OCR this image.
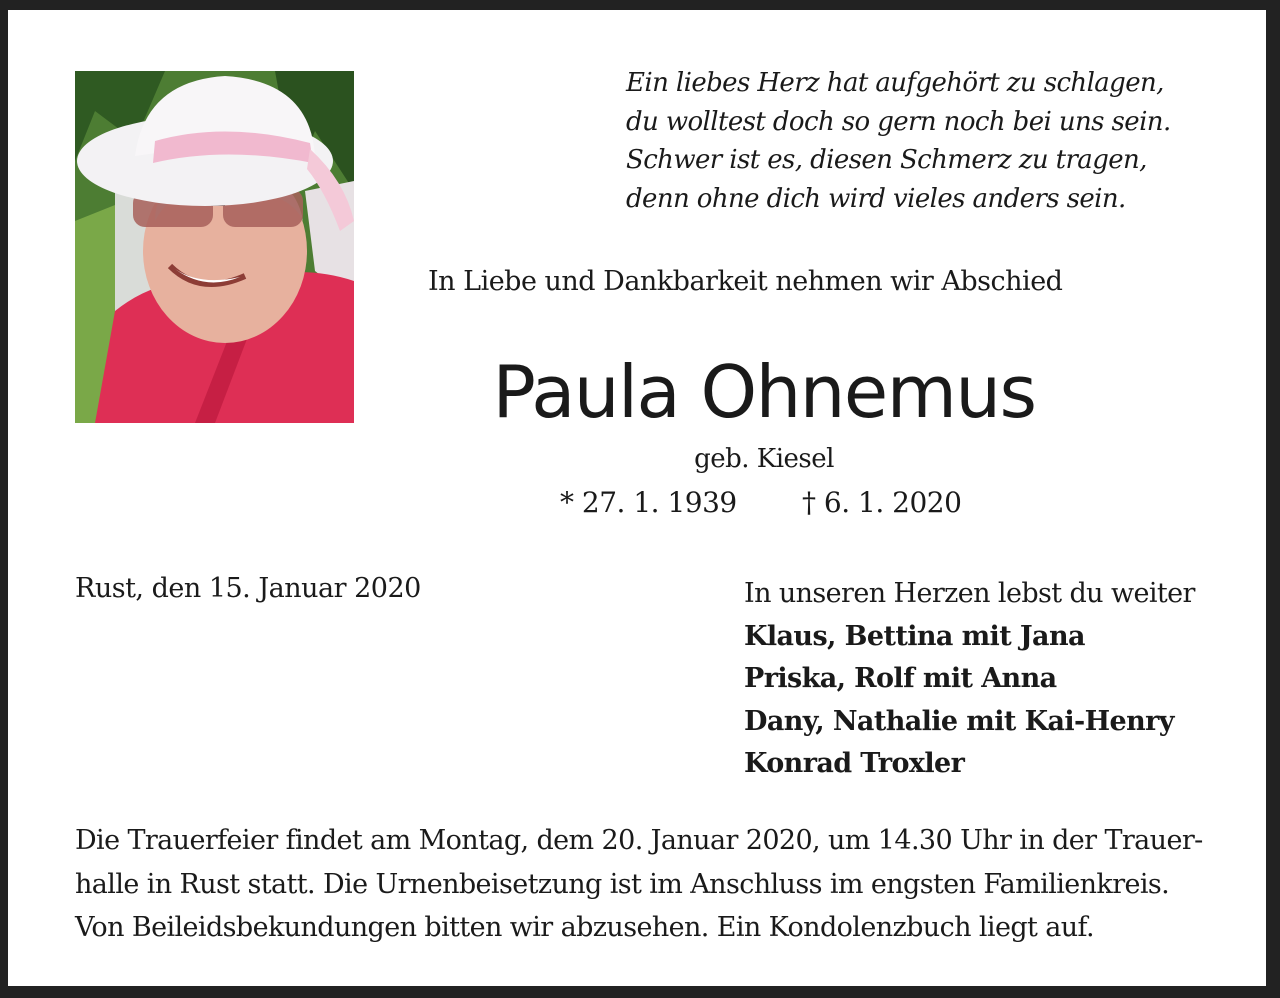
Ein liebes Herz hat aufgehört zu schlagen,
du wolltest doch so gern noch bei uns sein.
Schwer ist es, diesen Schmerz zu tragen,
denn ohne dich wird vieles anders sein.
In Liebe und Dankbarkeit nehmen wir Abschied
Paula Ohnemus
geb. Kiesel
* 27. 1. 1939 † 6. 1. 2020
Rust, den 15. Januar 2020	In unseren Herzen lebst du weiter
Klaus, Bettina mit Jana
Priska, Rolf mit Anna
Dany, Nathalie mit Kai-Henry
Konrad Troxler
Die Trauerfeier findet am Montag, dem 20. Januar 2020, um 14.30 Uhr in der Trauer-
halle in Rust statt. Die Urnenbeisetzung ist im Anschluss im engsten Familienkreis.
Von Beileidsbekundungen bitten wir abzusehen. Ein Kondolenzbuch liegt auf.
